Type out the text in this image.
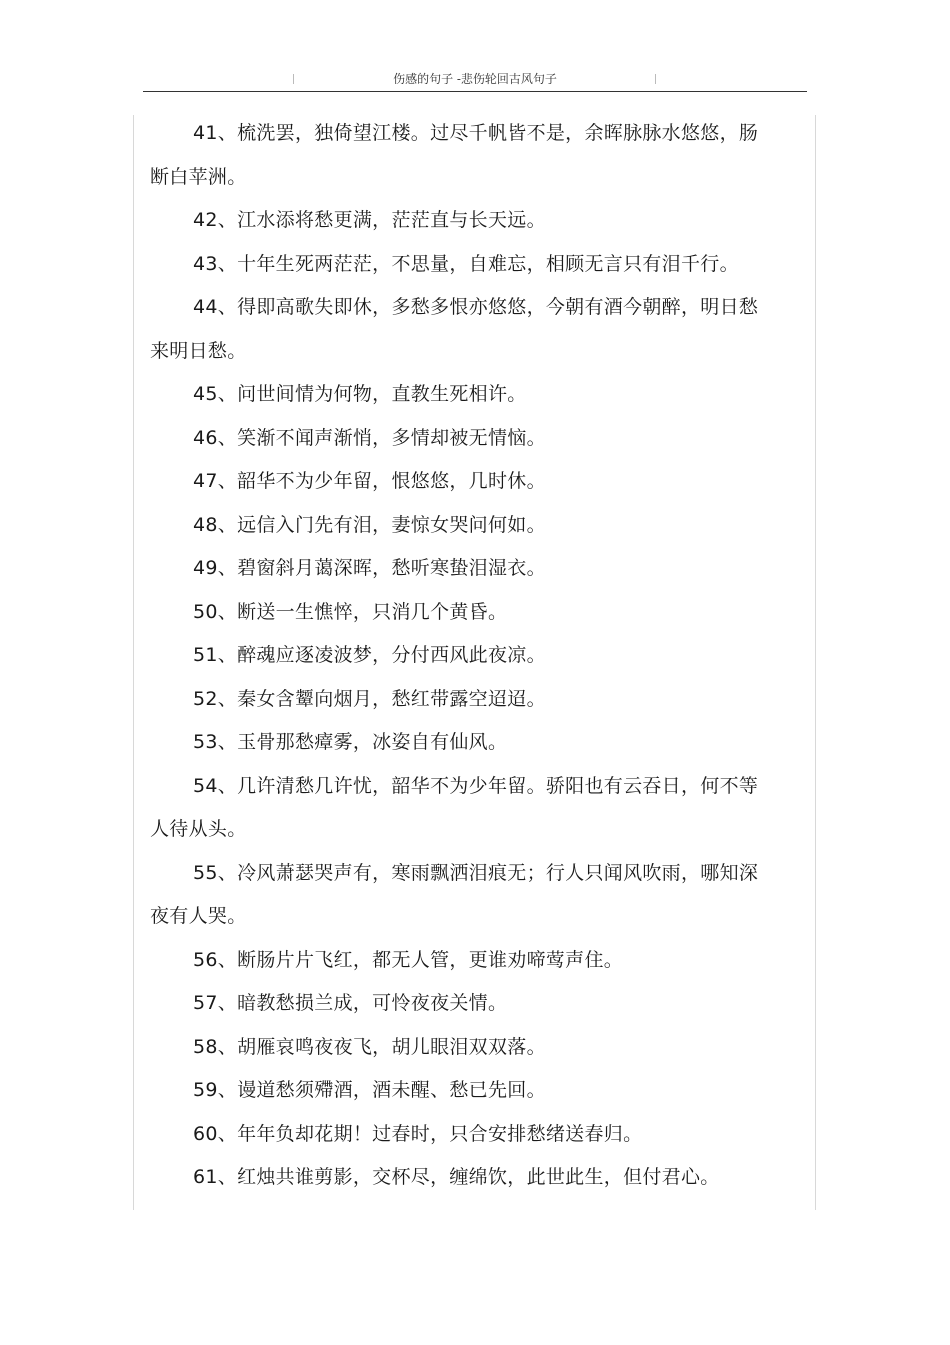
伤感的句子 -悲伤轮回古风句子

41、梳洗罢，独倚望江楼。过尽千帆皆不是，余晖脉脉水悠悠，肠断白苹洲。

42、江水添将愁更满，茫茫直与长天远。

43、十年生死两茫茫，不思量，自难忘，相顾无言只有泪千行。

44、得即高歌失即休，多愁多恨亦悠悠，今朝有酒今朝醉，明日愁来明日愁。

45、问世间情为何物，直教生死相许。

46、笑渐不闻声渐悄，多情却被无情恼。

47、韶华不为少年留，恨悠悠，几时休。

48、远信入门先有泪，妻惊女哭问何如。

49、碧窗斜月蔼深晖，愁听寒蛰泪湿衣。

50、断送一生憔悴，只消几个黄昏。

51、醉魂应逐凌波梦，分付西风此夜凉。

52、秦女含颦向烟月，愁红带露空迢迢。

53、玉骨那愁瘴雾，冰姿自有仙风。

54、几许清愁几许忧，韶华不为少年留。骄阳也有云吞日，何不等人待从头。

55、冷风萧瑟哭声有，寒雨飘洒泪痕无；行人只闻风吹雨，哪知深夜有人哭。

56、断肠片片飞红，都无人管，更谁劝啼莺声住。

57、暗教愁损兰成，可怜夜夜关情。

58、胡雁哀鸣夜夜飞，胡儿眼泪双双落。

59、谩道愁须殢酒，酒未醒、愁已先回。

60、年年负却花期！过春时，只合安排愁绪送春归。

61、红烛共谁剪影，交杯尽，缠绵饮，此世此生，但付君心。
